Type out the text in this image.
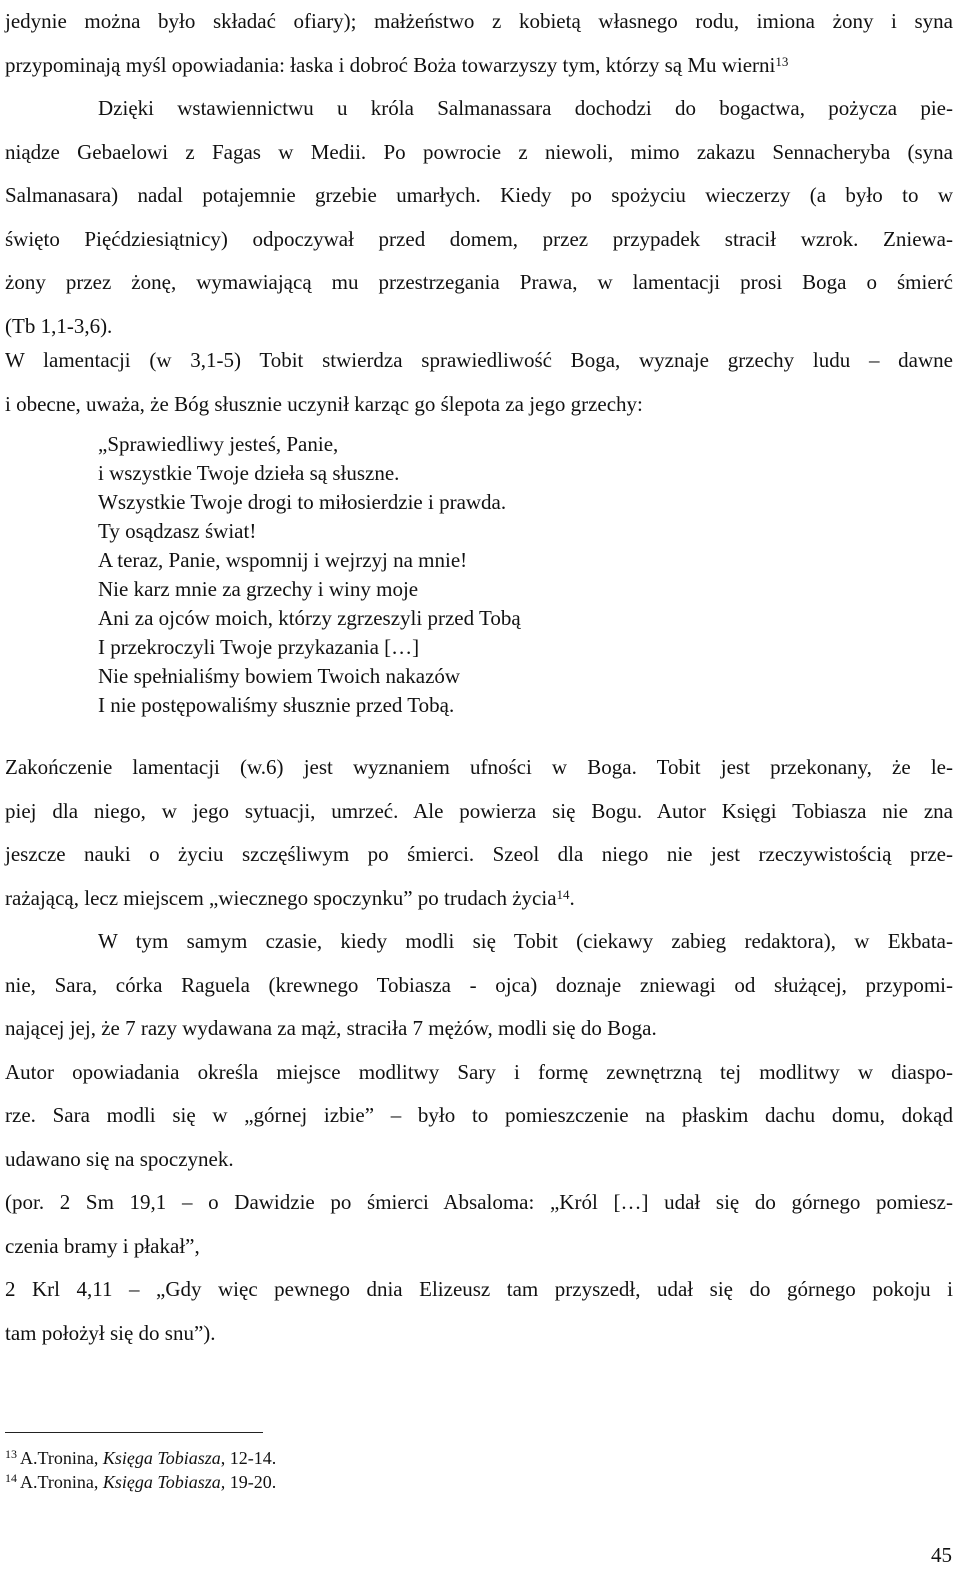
jedynie można było składać ofiary); małżeństwo z kobietą własnego rodu, imiona żony i syna
przypominają myśl opowiadania: łaska i dobroć Boża towarzyszy tym, którzy są Mu wierni$^{13}$
Dzięki wstawiennictwu u króla Salmanassara dochodzi do bogactwa, pożycza pie-
niądze Gebaelowi z Fagas w Medii. Po powrocie z niewoli, mimo zakazu Sennacheryba (syna
Salmanasara) nadal potajemnie grzebie umarłych. Kiedy po spożyciu wieczerzy (a było to w
święto Pięćdziesiątnicy) odpoczywał przed domem, przez przypadek stracił wzrok. Zniewa-
żony przez żonę, wymawiającą mu przestrzegania Prawa, w lamentacji prosi Boga o śmierć
(Tb 1,1-3,6).
W lamentacji (w 3,1-5) Tobit stwierdza sprawiedliwość Boga, wyznaje grzechy ludu – dawne
i obecne, uważa, że Bóg słusznie uczynił karząc go ślepota za jego grzechy:
„Sprawiedliwy jesteś, Panie,
i wszystkie Twoje dzieła są słuszne.
Wszystkie Twoje drogi to miłosierdzie i prawda.
Ty osądzasz świat!
A teraz, Panie, wspomnij i wejrzyj na mnie!
Nie karz mnie za grzechy i winy moje
Ani za ojców moich, którzy zgrzeszyli przed Tobą
I przekroczyli Twoje przykazania […]
Nie spełnialiśmy bowiem Twoich nakazów
I nie postępowaliśmy słusznie przed Tobą.
Zakończenie lamentacji (w.6) jest wyznaniem ufności w Boga. Tobit jest przekonany, że le-
piej dla niego, w jego sytuacji, umrzeć. Ale powierza się Bogu. Autor Księgi Tobiasza nie zna
jeszcze nauki o życiu szczęśliwym po śmierci. Szeol dla niego nie jest rzeczywistością prze-
rażającą, lecz miejscem „wiecznego spoczynku” po trudach życia$^{14}$.
W tym samym czasie, kiedy modli się Tobit (ciekawy zabieg redaktora), w Ekbata-
nie, Sara, córka Raguela (krewnego Tobiasza - ojca) doznaje zniewagi od służącej, przypomi-
nającej jej, że 7 razy wydawana za mąż, straciła 7 mężów, modli się do Boga.
Autor opowiadania określa miejsce modlitwy Sary i formę zewnętrzną tej modlitwy w diaspo-
rze. Sara modli się w „górnej izbie” – było to pomieszczenie na płaskim dachu domu, dokąd
udawano się na spoczynek.
(por. 2 Sm 19,1 – o Dawidzie po śmierci Absaloma: „Król […] udał się do górnego pomiesz-
czenia bramy i płakał”,
2 Krl 4,11 – „Gdy więc pewnego dnia Elizeusz tam przyszedł, udał się do górnego pokoju i
tam położył się do snu”).
$^{13}$ A.Tronina, Księga Tobiasza, 12-14.
$^{14}$ A.Tronina, Księga Tobiasza, 19-20.
45
